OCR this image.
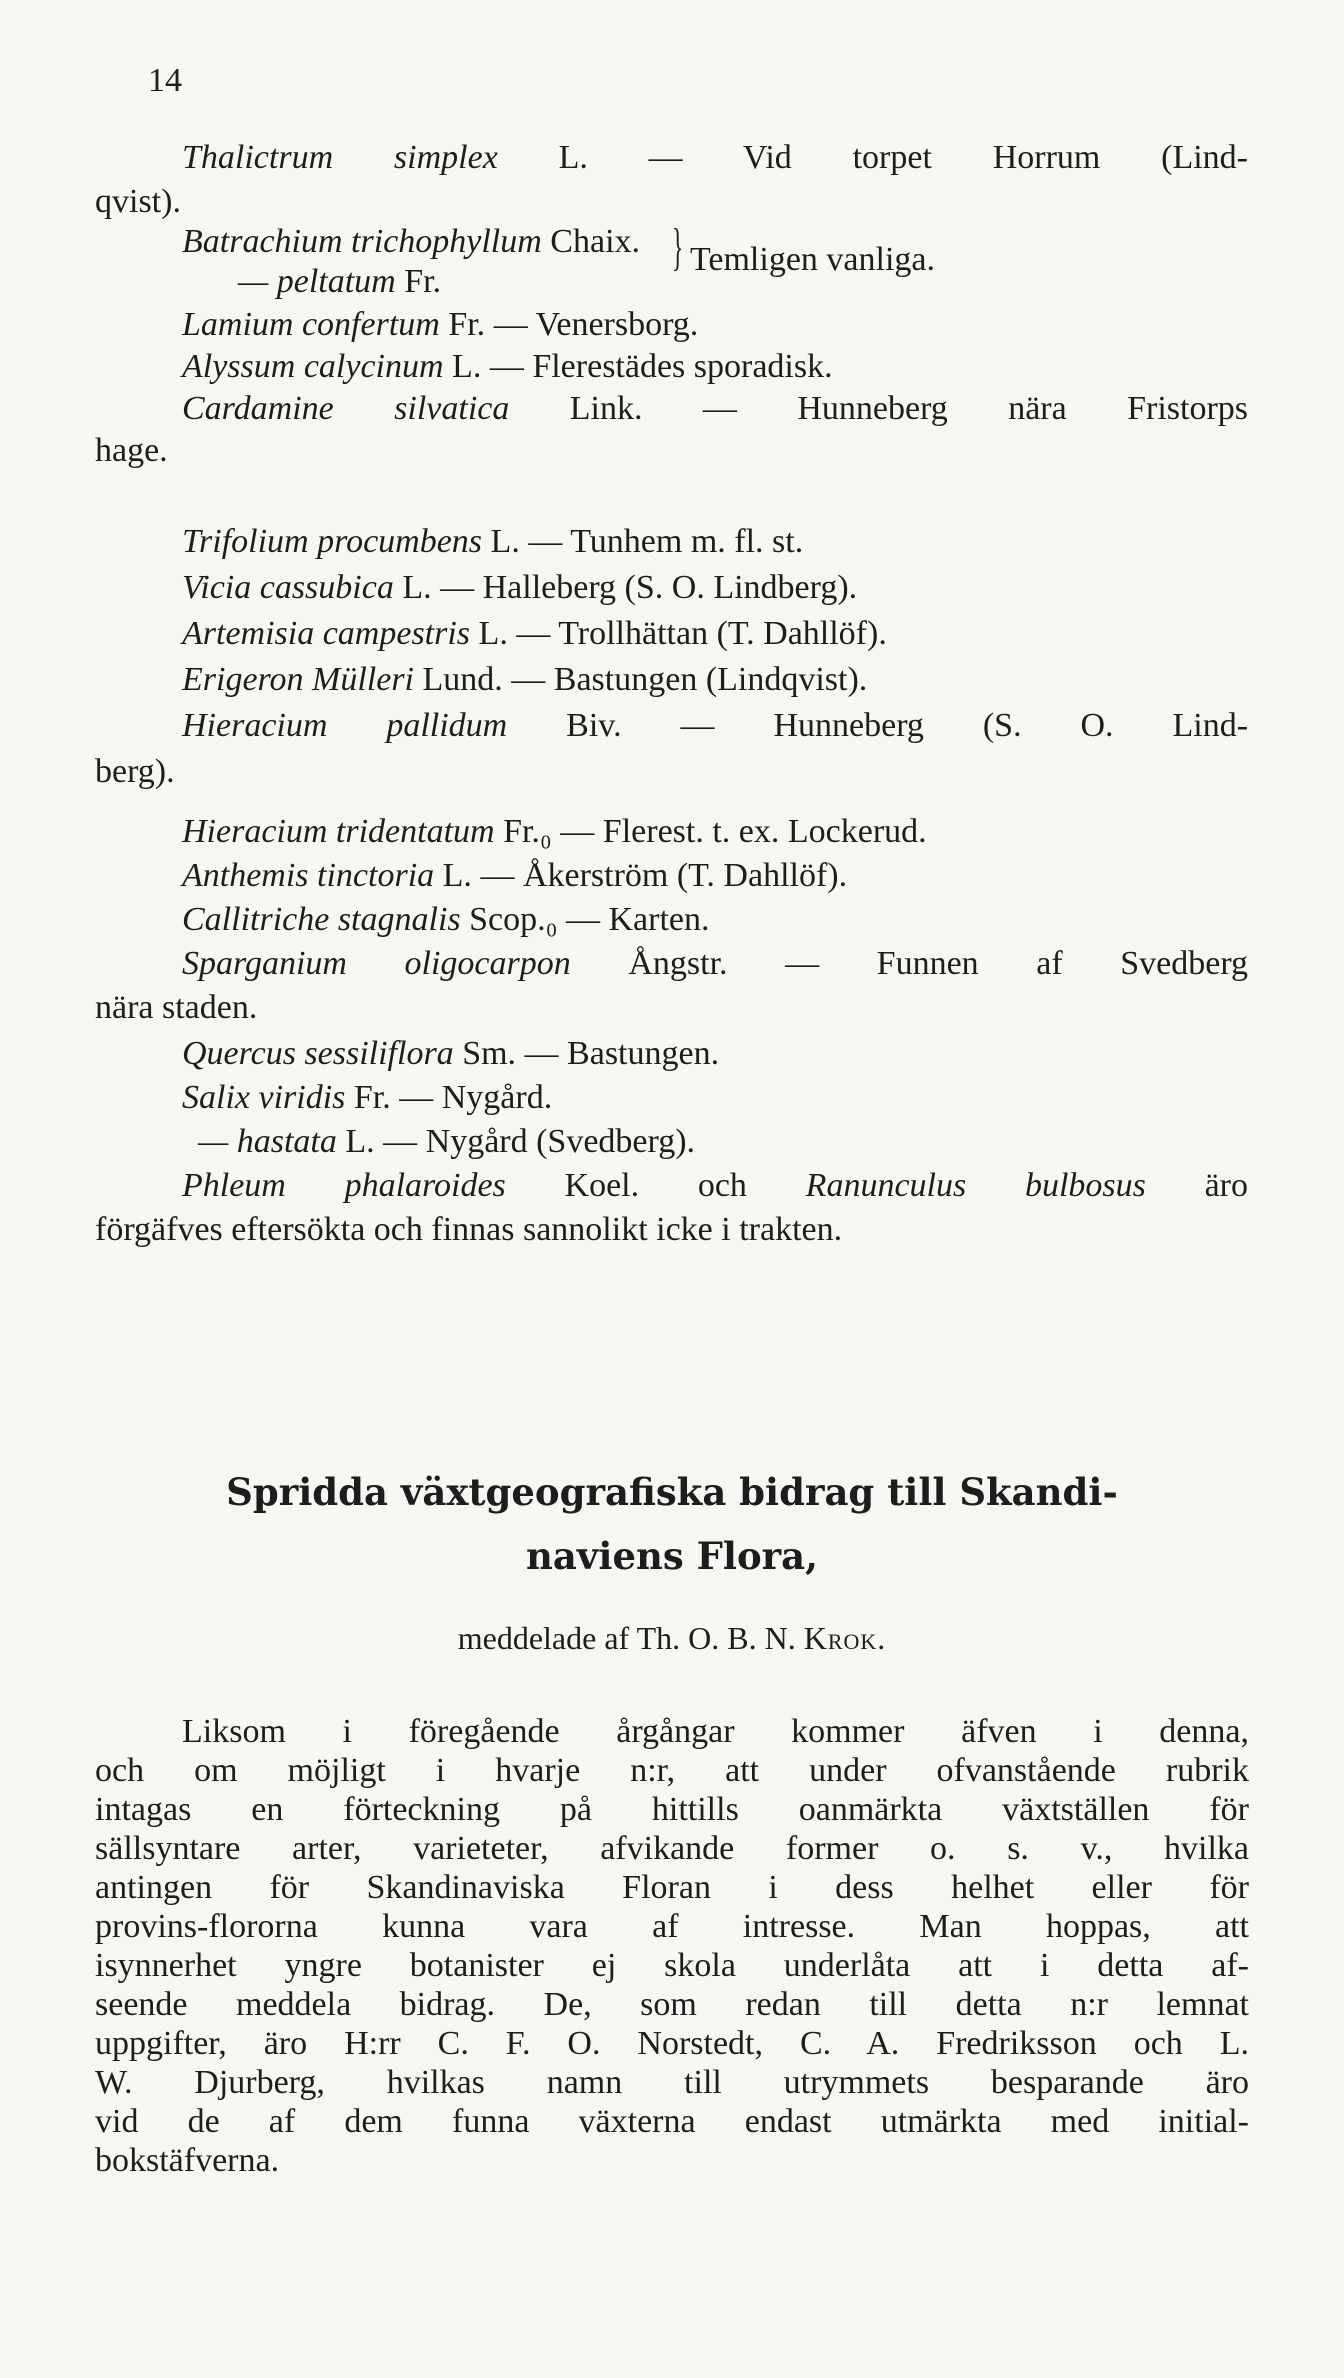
14
Thalictrum simplex L. — Vid torpet Horrum (Lind-
qvist).
Batrachium trichophyllum Chaix.
— peltatum Fr.
} Temligen vanliga.
Lamium confertum Fr. — Venersborg.
Alyssum calycinum L. — Flerestädes sporadisk.
Cardamine silvatica Link. — Hunneberg nära Fristorps
hage.
Trifolium procumbens L. — Tunhem m. fl. st.
Vicia cassubica L. — Halleberg (S. O. Lindberg).
Artemisia campestris L. — Trollhättan (T. Dahllöf).
Erigeron Mülleri Lund. — Bastungen (Lindqvist).
Hieracium pallidum Biv. — Hunneberg (S. O. Lind-
berg).
Hieracium tridentatum Fr.₀ — Flerest. t. ex. Lockerud.
Anthemis tinctoria L. — Åkerström (T. Dahllöf).
Callitriche stagnalis Scop.₀ — Karten.
Sparganium oligocarpon Ångstr. — Funnen af Svedberg
nära staden.
Quercus sessiliflora Sm. — Bastungen.
Salix viridis Fr. — Nygård.
— hastata L. — Nygård (Svedberg).
Phleum phalaroides Koel. och Ranunculus bulbosus äro
förgäfves eftersökta och finnas sannolikt icke i trakten.
Spridda växtgeografiska bidrag till Skandi-
naviens Flora,
meddelade af Th. O. B. N. Krok.
Liksom i föregående årgångar kommer äfven i denna,
och om möjligt i hvarje n:r, att under ofvanstående rubrik
intagas en förteckning på hittills oanmärkta växtställen för
sällsyntare arter, varieteter, afvikande former o. s. v., hvilka
antingen för Skandinaviska Floran i dess helhet eller för
provins-flororna kunna vara af intresse. Man hoppas, att
isynnerhet yngre botanister ej skola underlåta att i detta af-
seende meddela bidrag. De, som redan till detta n:r lemnat
uppgifter, äro H:rr C. F. O. Norstedt, C. A. Fredriksson och L.
W. Djurberg, hvilkas namn till utrymmets besparande äro
vid de af dem funna växterna endast utmärkta med initial-
bokstäfverna.
